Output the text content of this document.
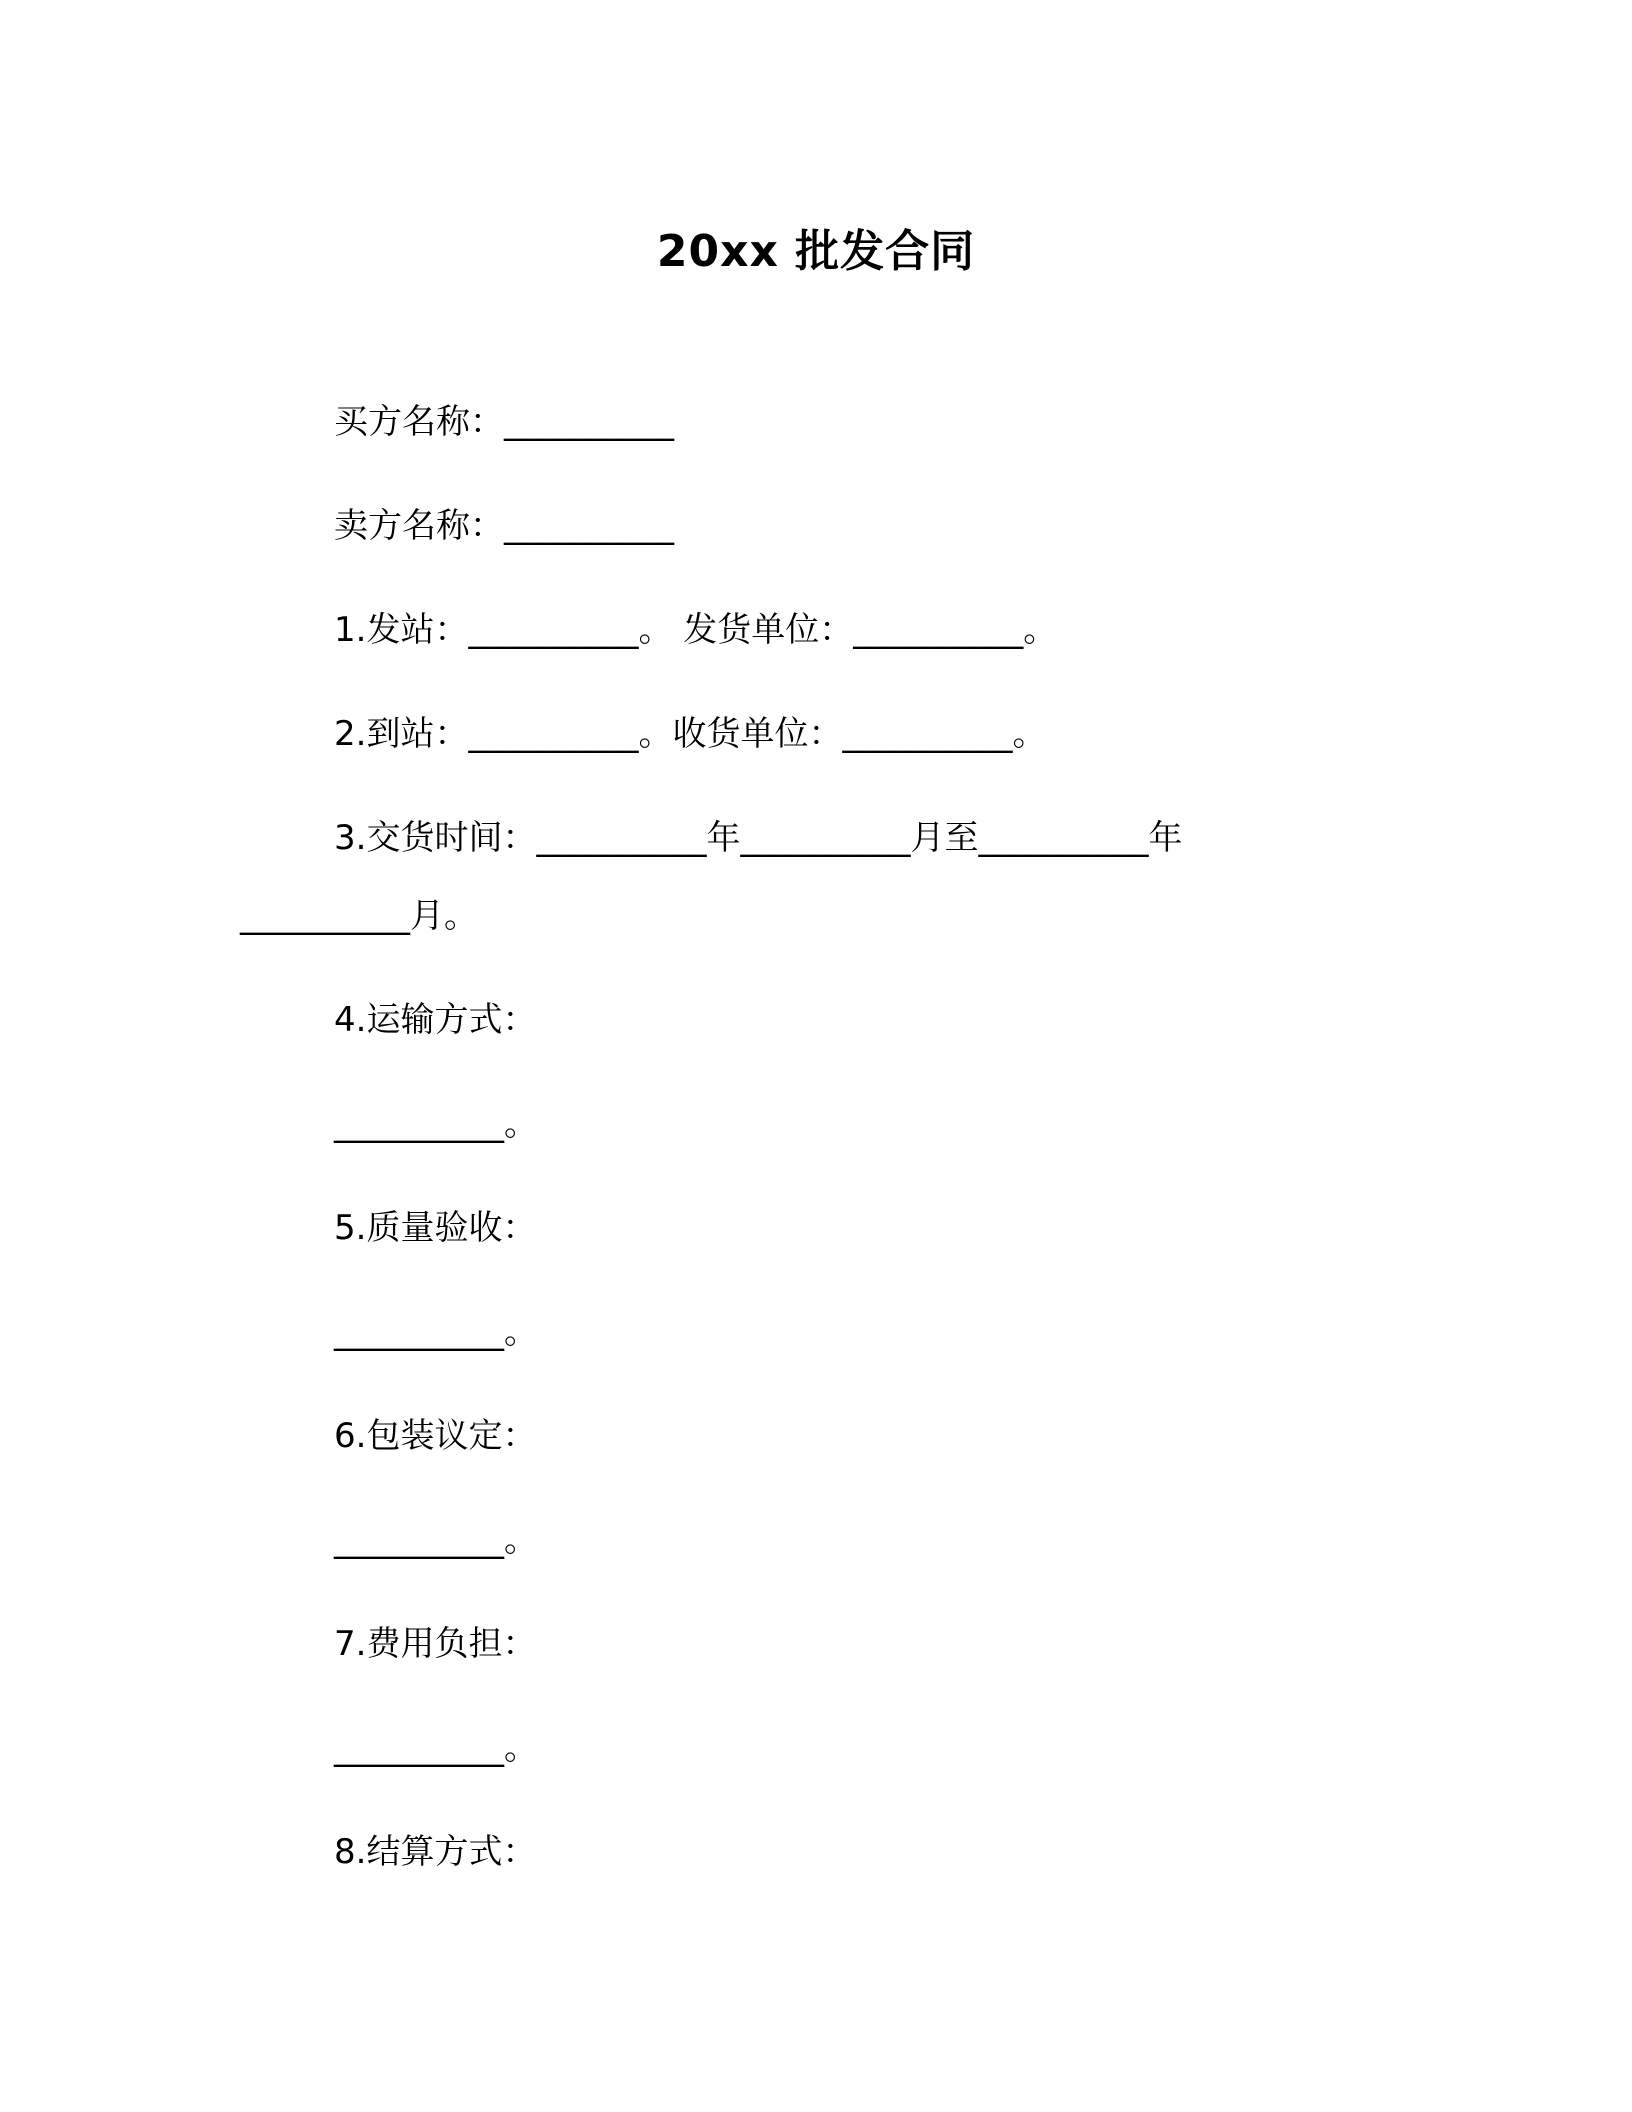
20xx 批发合同
买方名称：__________
卖方名称：__________
1.发站：__________。 发货单位：__________。
2.到站：__________。收货单位：__________。
3.交货时间：__________年__________月至__________年
__________月。
4.运输方式：
__________。
5.质量验收：
__________。
6.包装议定：
__________。
7.费用负担：
__________。
8.结算方式：
